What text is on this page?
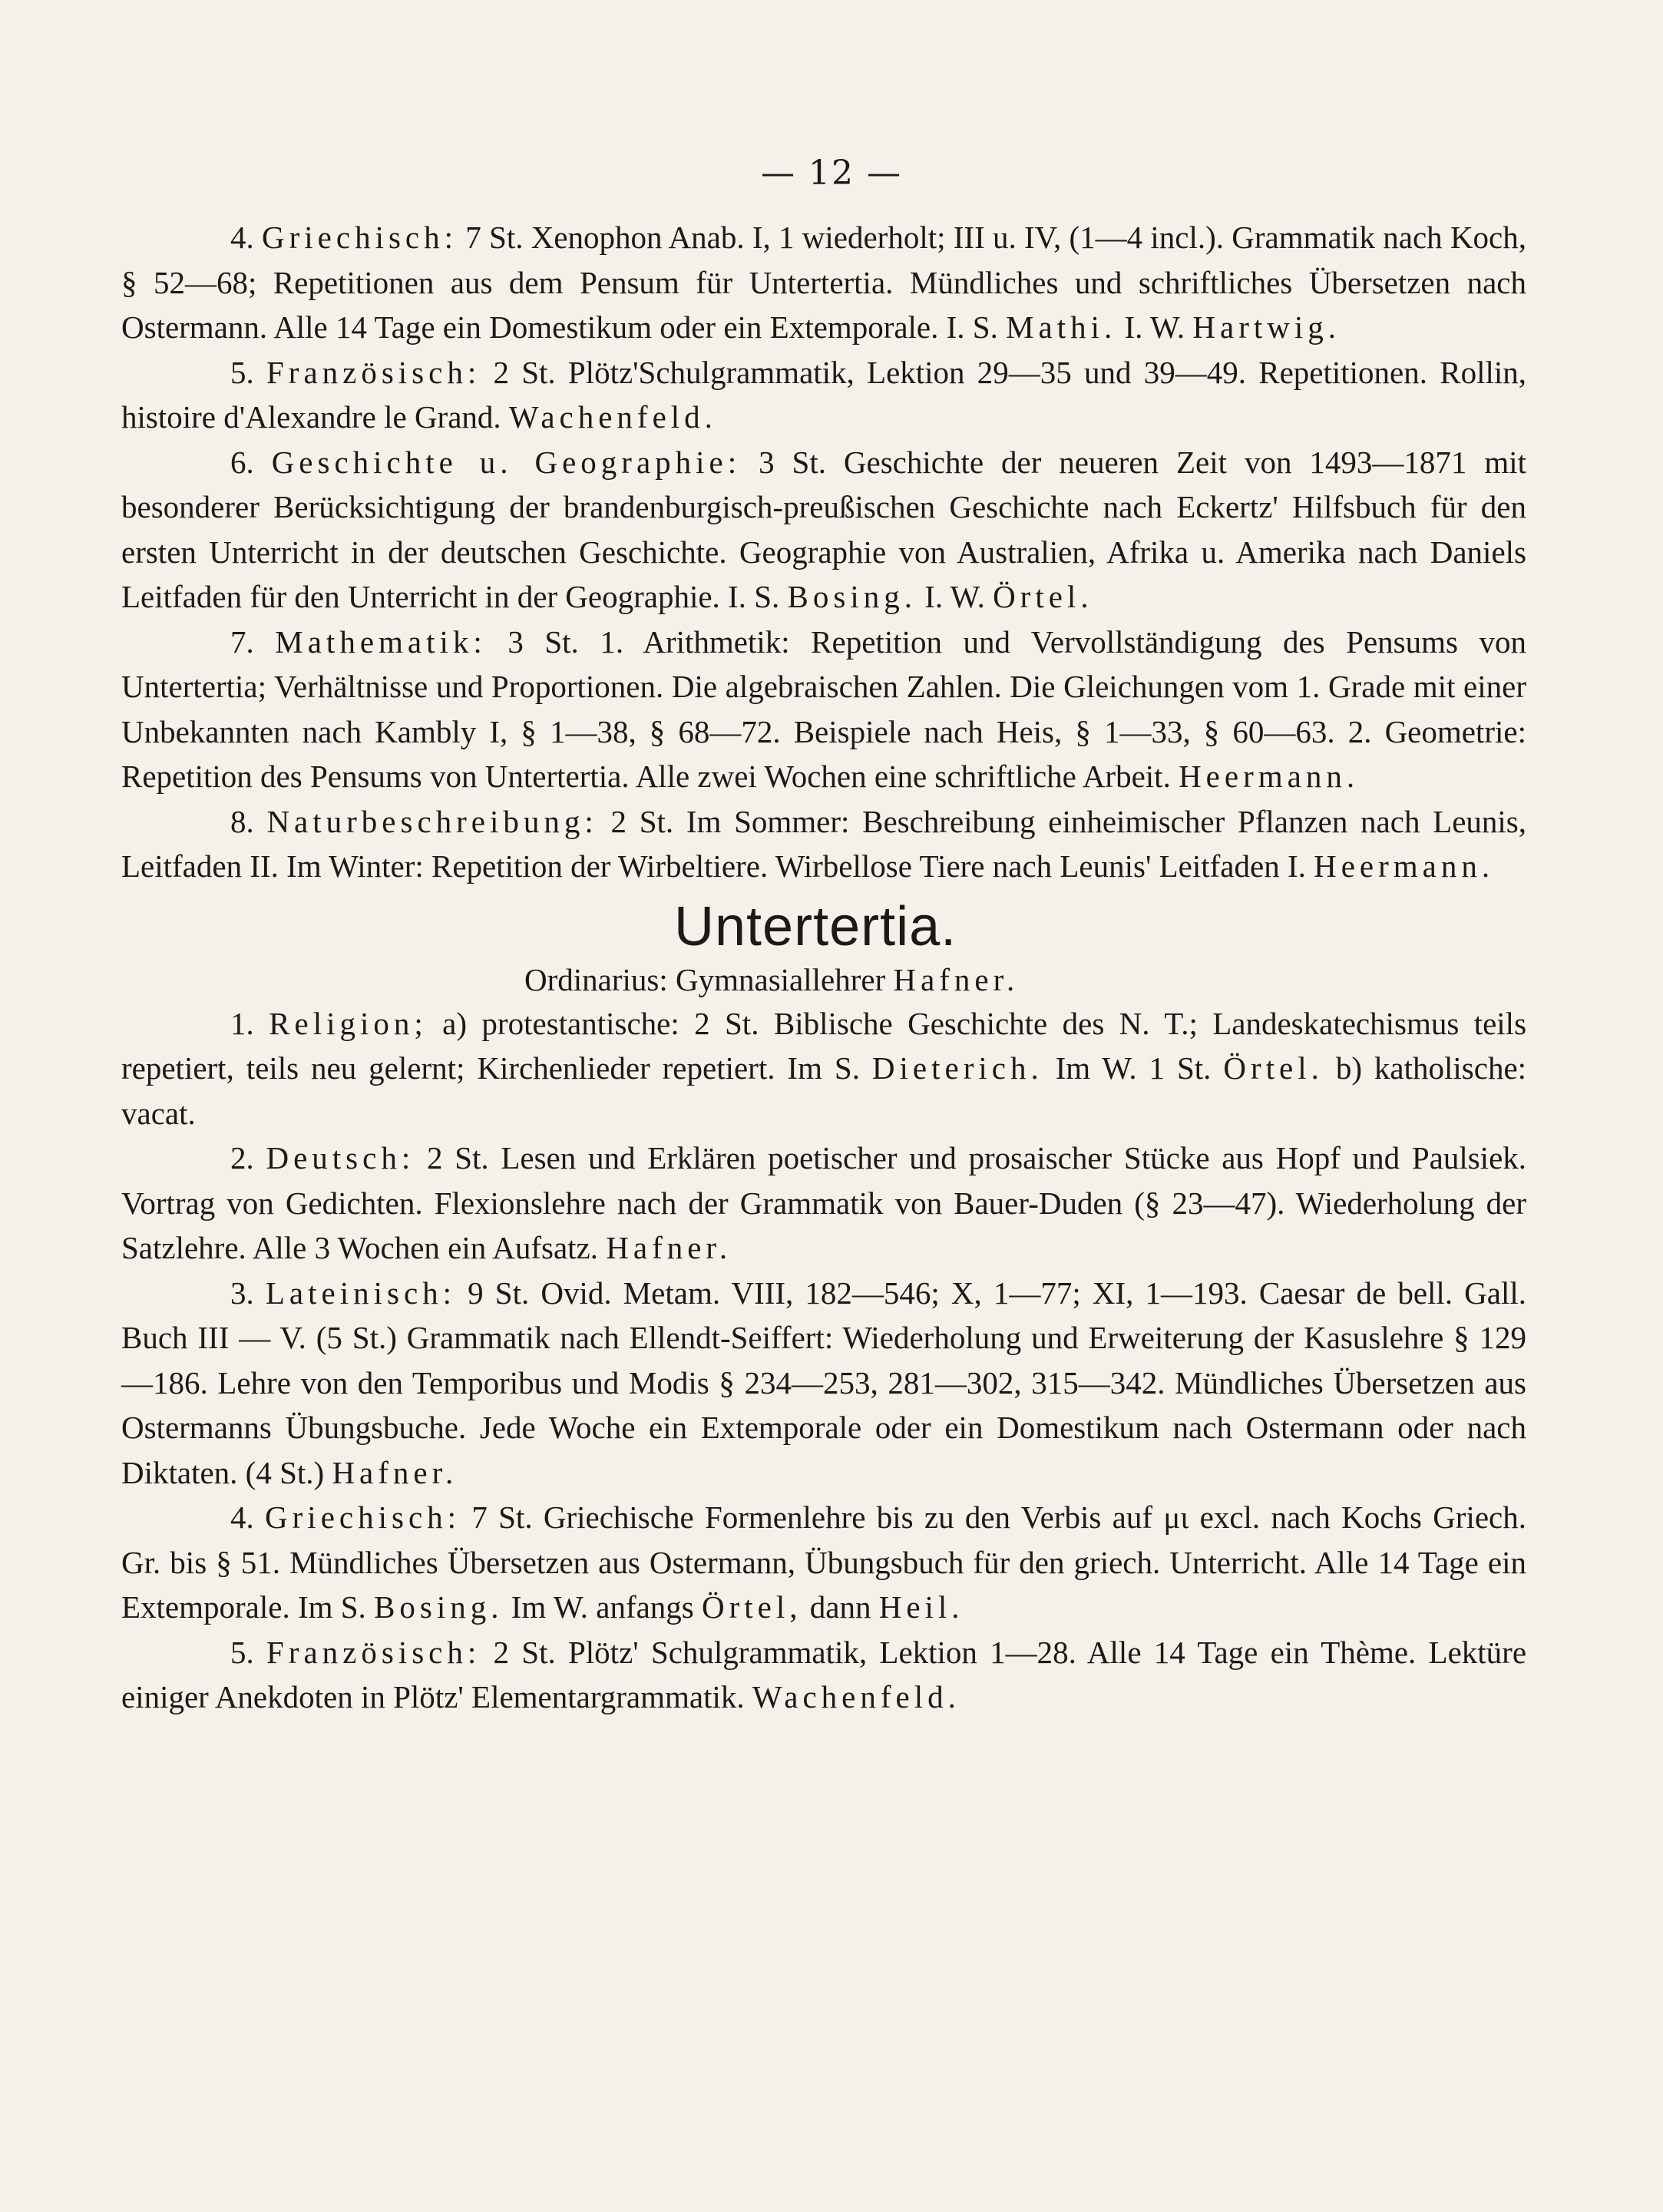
— 12 —

4. Griechisch: 7 St. Xenophon Anab. I, 1 wiederholt; III u. IV, (1—4 incl.). Grammatik nach Koch, § 52—68; Repetitionen aus dem Pensum für Untertertia. Mündliches und schriftliches Übersetzen nach Ostermann. Alle 14 Tage ein Domestikum oder ein Extemporale. I. S. Mathi. I. W. Hartwig.

5. Französisch: 2 St. Plötz'Schulgrammatik, Lektion 29—35 und 39—49. Repetitionen. Rollin, histoire d'Alexandre le Grand. Wachenfeld.

6. Geschichte u. Geographie: 3 St. Geschichte der neueren Zeit von 1493—1871 mit besonderer Berücksichtigung der brandenburgisch-preußischen Geschichte nach Eckertz' Hilfsbuch für den ersten Unterricht in der deutschen Geschichte. Geographie von Australien, Afrika u. Amerika nach Daniels Leitfaden für den Unterricht in der Geographie. I. S. Bosing. I. W. Örtel.

7. Mathematik: 3 St. 1. Arithmetik: Repetition und Vervollständigung des Pensums von Untertertia; Verhältnisse und Proportionen. Die algebraischen Zahlen. Die Gleichungen vom 1. Grade mit einer Unbekannten nach Kambly I, § 1—38, § 68—72. Beispiele nach Heis, § 1—33, § 60—63. 2. Geometrie: Repetition des Pensums von Untertertia. Alle zwei Wochen eine schriftliche Arbeit. Heermann.

8. Naturbeschreibung: 2 St. Im Sommer: Beschreibung einheimischer Pflanzen nach Leunis, Leitfaden II. Im Winter: Repetition der Wirbeltiere. Wirbellose Tiere nach Leunis' Leitfaden I. Heermann.

Untertertia.
Ordinarius: Gymnasiallehrer Hafner.

1. Religion; a) protestantische: 2 St. Biblische Geschichte des N. T.; Landeskatechismus teils repetiert, teils neu gelernt; Kirchenlieder repetiert. Im S. Dieterich. Im W. 1 St. Örtel. b) katholische: vacat.

2. Deutsch: 2 St. Lesen und Erklären poetischer und prosaischer Stücke aus Hopf und Paulsiek. Vortrag von Gedichten. Flexionslehre nach der Grammatik von Bauer-Duden (§ 23—47). Wiederholung der Satzlehre. Alle 3 Wochen ein Aufsatz. Hafner.

3. Lateinisch: 9 St. Ovid. Metam. VIII, 182—546; X, 1—77; XI, 1—193. Caesar de bell. Gall. Buch III — V. (5 St.) Grammatik nach Ellendt-Seiffert: Wiederholung und Erweiterung der Kasuslehre § 129—186. Lehre von den Temporibus und Modis § 234—253, 281—302, 315—342. Mündliches Übersetzen aus Ostermanns Übungsbuche. Jede Woche ein Extemporale oder ein Domestikum nach Ostermann oder nach Diktaten. (4 St.) Hafner.

4. Griechisch: 7 St. Griechische Formenlehre bis zu den Verbis auf μι excl. nach Kochs Griech. Gr. bis § 51. Mündliches Übersetzen aus Ostermann, Übungsbuch für den griech. Unterricht. Alle 14 Tage ein Extemporale. Im S. Bosing. Im W. anfangs Örtel, dann Heil.

5. Französisch: 2 St. Plötz' Schulgrammatik, Lektion 1—28. Alle 14 Tage ein Thème. Lektüre einiger Anekdoten in Plötz' Elementargrammatik. Wachenfeld.
